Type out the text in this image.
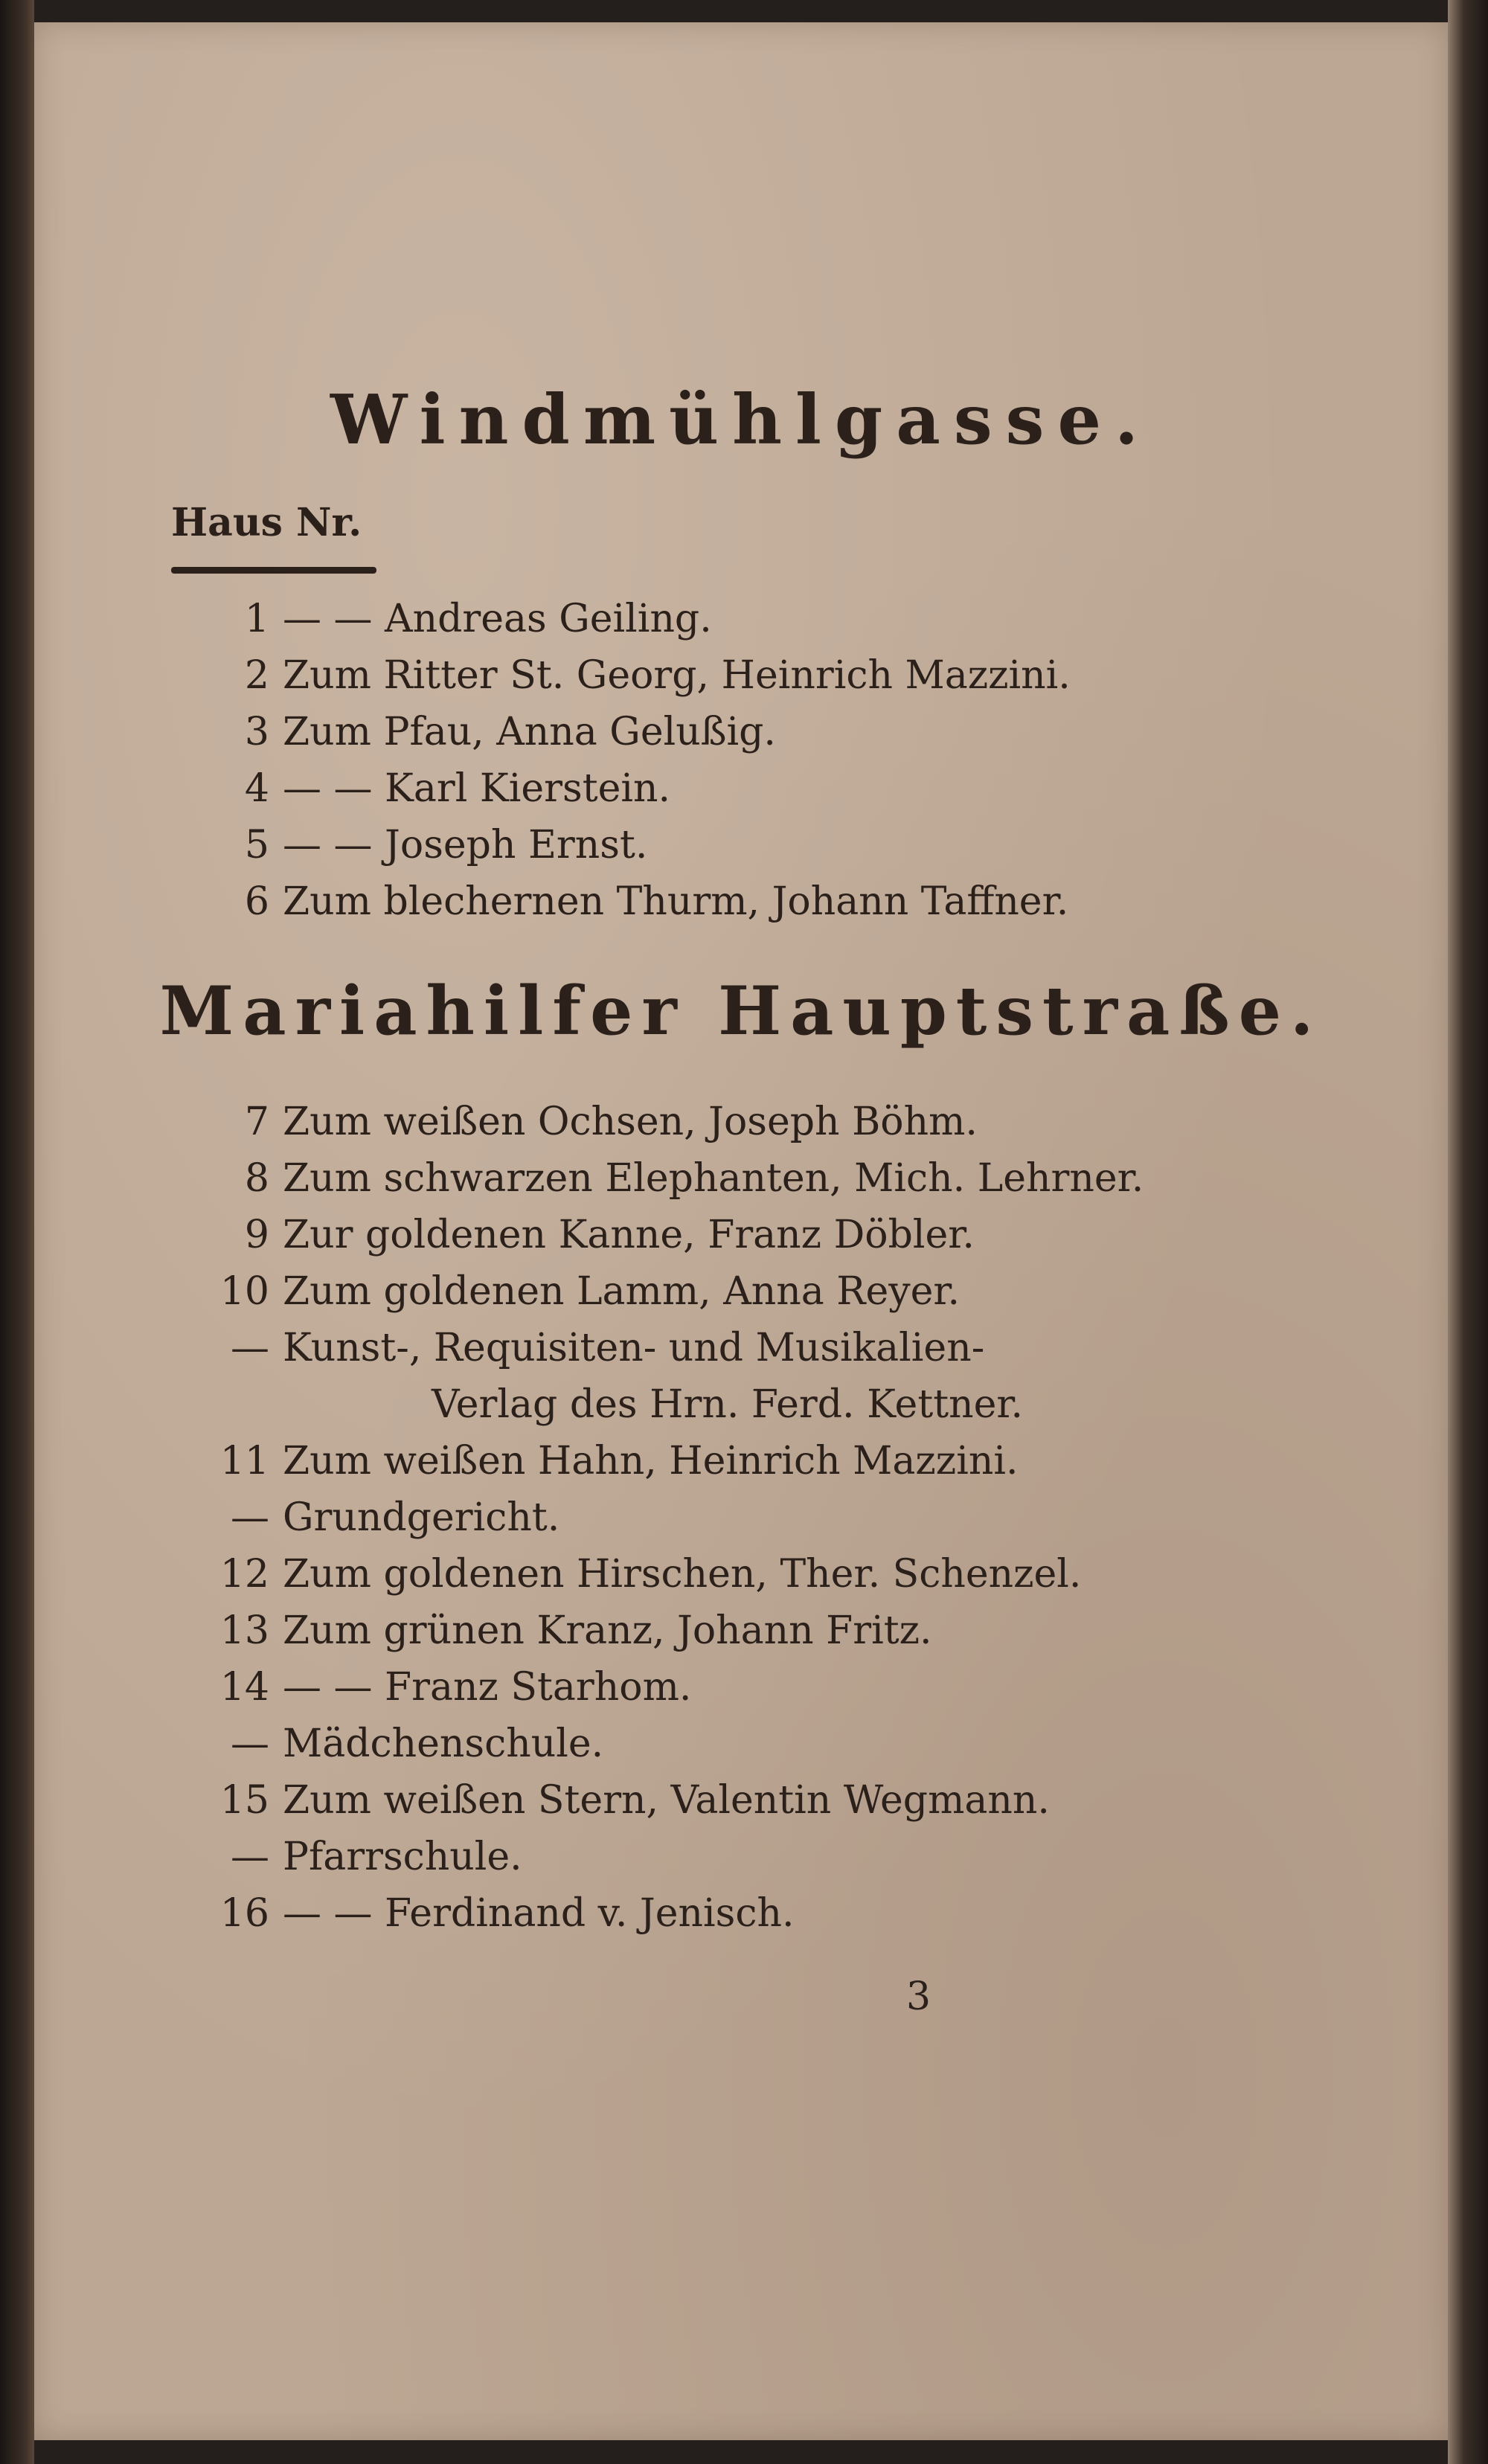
Windmühlgasse.
Haus Nr.
1 — — Andreas Geiling.
2 Zum Ritter St. Georg, Heinrich Mazzini.
3 Zum Pfau, Anna Gelußig.
4 — — Karl Kierstein.
5 — — Joseph Ernst.
6 Zum blechernen Thurm, Johann Taffner.
Mariahilfer Hauptstraße.
7 Zum weißen Ochsen, Joseph Böhm.
8 Zum schwarzen Elephanten, Mich. Lehrner.
9 Zur goldenen Kanne, Franz Döbler.
10 Zum goldenen Lamm, Anna Reyer.
— Kunst-, Requisiten- und Musikalien-
Verlag des Hrn. Ferd. Kettner.
11 Zum weißen Hahn, Heinrich Mazzini.
— Grundgericht.
12 Zum goldenen Hirschen, Ther. Schenzel.
13 Zum grünen Kranz, Johann Fritz.
14 — — Franz Starhom.
— Mädchenschule.
15 Zum weißen Stern, Valentin Wegmann.
— Pfarrschule.
16 — — Ferdinand v. Jenisch.
3
